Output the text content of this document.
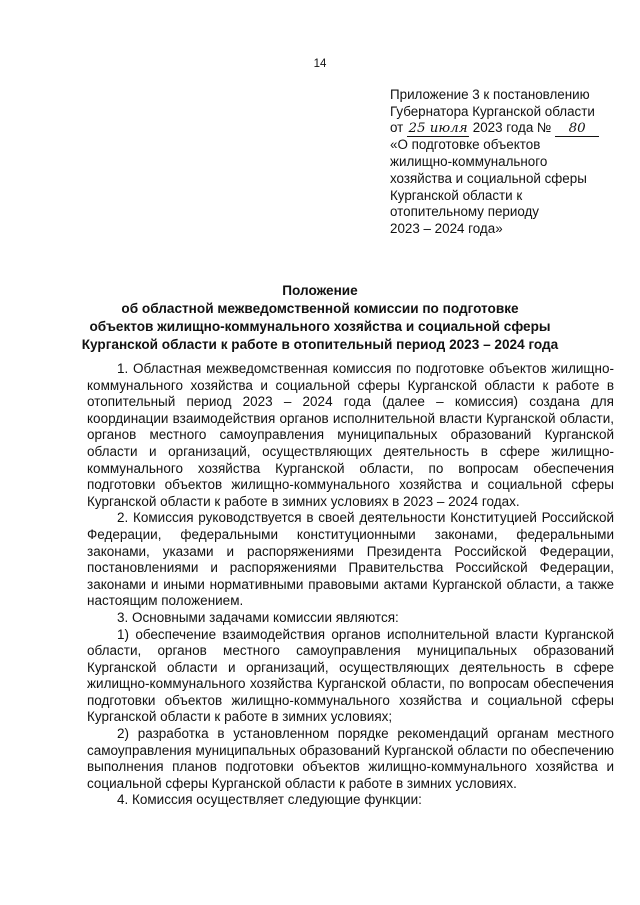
14
Приложение 3 к постановлению
Губернатора Курганской области
от 25 июля 2023 года № 80
«О подготовке объектов
жилищно-коммунального
хозяйства и социальной сферы
Курганской области к
отопительному периоду
2023 – 2024 года»
Положение
об областной межведомственной комиссии по подготовке
объектов жилищно-коммунального хозяйства и социальной сферы
Курганской области к работе в отопительный период 2023 – 2024 года

1. Областная межведомственная комиссия по подготовке объектов жилищно-коммунального хозяйства и социальной сферы Курганской области к работе в отопительный период 2023 – 2024 года (далее – комиссия) создана для координации взаимодействия органов исполнительной власти Курганской области, органов местного самоуправления муниципальных образований Курганской области и организаций, осуществляющих деятельность в сфере жилищно-коммунального хозяйства Курганской области, по вопросам обеспечения подготовки объектов жилищно-коммунального хозяйства и социальной сферы Курганской области к работе в зимних условиях в 2023 – 2024 годах.

2. Комиссия руководствуется в своей деятельности Конституцией Российской Федерации, федеральными конституционными законами, федеральными законами, указами и распоряжениями Президента Российской Федерации, постановлениями и распоряжениями Правительства Российской Федерации, законами и иными нормативными правовыми актами Курганской области, а также настоящим положением.

3. Основными задачами комиссии являются:

1) обеспечение взаимодействия органов исполнительной власти Курганской области, органов местного самоуправления муниципальных образований Курганской области и организаций, осуществляющих деятельность в сфере жилищно-коммунального хозяйства Курганской области, по вопросам обеспечения подготовки объектов жилищно-коммунального хозяйства и социальной сферы Курганской области к работе в зимних условиях;

2) разработка в установленном порядке рекомендаций органам местного самоуправления муниципальных образований Курганской области по обеспечению выполнения планов подготовки объектов жилищно-коммунального хозяйства и социальной сферы Курганской области к работе в зимних условиях.

4. Комиссия осуществляет следующие функции:
